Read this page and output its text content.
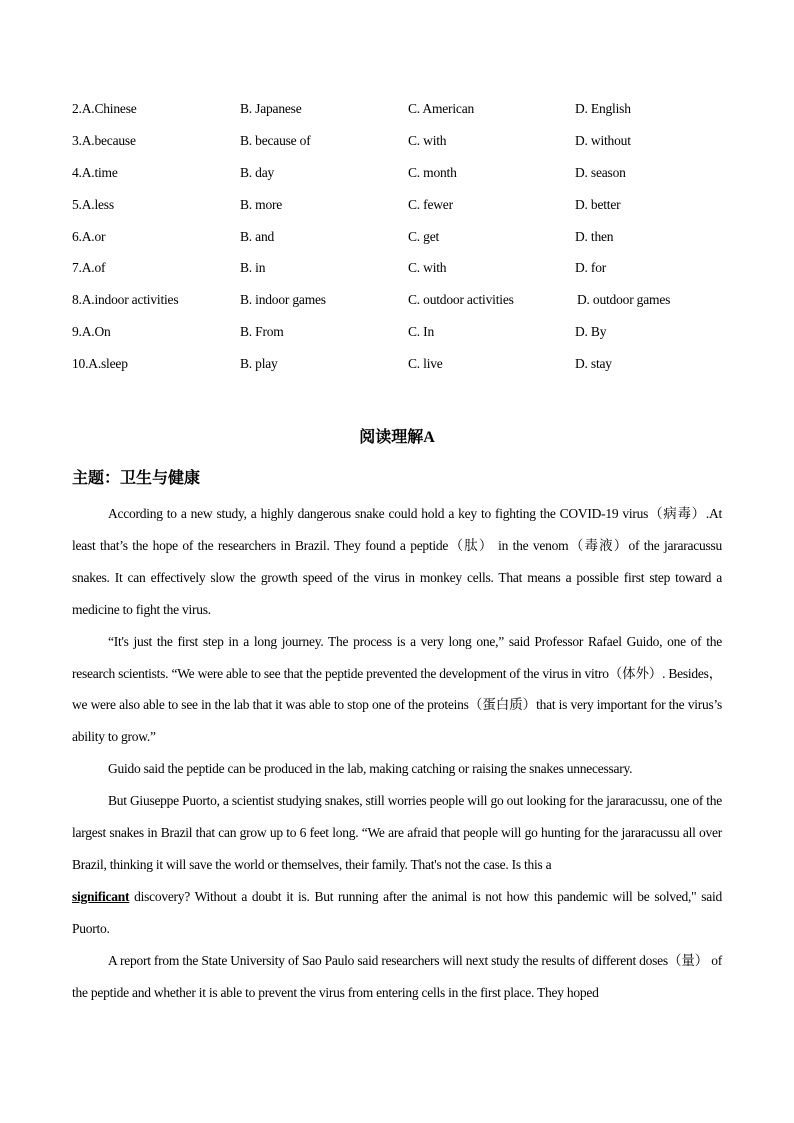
2.A.Chinese	B. Japanese	C. American	D. English
3.A.because	B. because of	C. with	D. without
4.A.time	B. day	C. month	D. season
5.A.less	B. more	C. fewer	D. better
6.A.or	B. and	C. get	D. then
7.A.of	B. in	C. with	D. for
8.A.indoor activities	B. indoor games	C. outdoor activities	D. outdoor games
9.A.On	B. From	C. In	D. By
10.A.sleep	B. play	C. live	D. stay
阅读理解A
主题：卫生与健康

According to a new study, a highly dangerous snake could hold a key to fighting the COVID-19 virus（病毒）.At least that’s the hope of the researchers in Brazil. They found a peptide（肽） in the venom（毒液）of the jararacussu snakes. It can effectively slow the growth speed of the virus in monkey cells. That means a possible first step toward a medicine to fight the virus.

“It's just the first step in a long journey. The process is a very long one,” said Professor Rafael Guido, one of the research scientists. “We were able to see that the peptide prevented the development of the virus in vitro（体外）. Besides， we were also able to see in the lab that it was able to stop one of the proteins（蛋白质）that is very important for the virus’s ability to grow.”

Guido said the peptide can be produced in the lab, making catching or raising the snakes unnecessary.

But Giuseppe Puorto, a scientist studying snakes, still worries people will go out looking for the jararacussu, one of the largest snakes in Brazil that can grow up to 6 feet long. “We are afraid that people will go hunting for the jararacussu all over Brazil, thinking it will save the world or themselves, their family. That's not the case. Is this a
significant discovery? Without a doubt it is. But running after the animal is not how this pandemic will be solved," said Puorto.

A report from the State University of Sao Paulo said researchers will next study the results of different doses（量） of the peptide and whether it is able to prevent the virus from entering cells in the first place. They hoped
